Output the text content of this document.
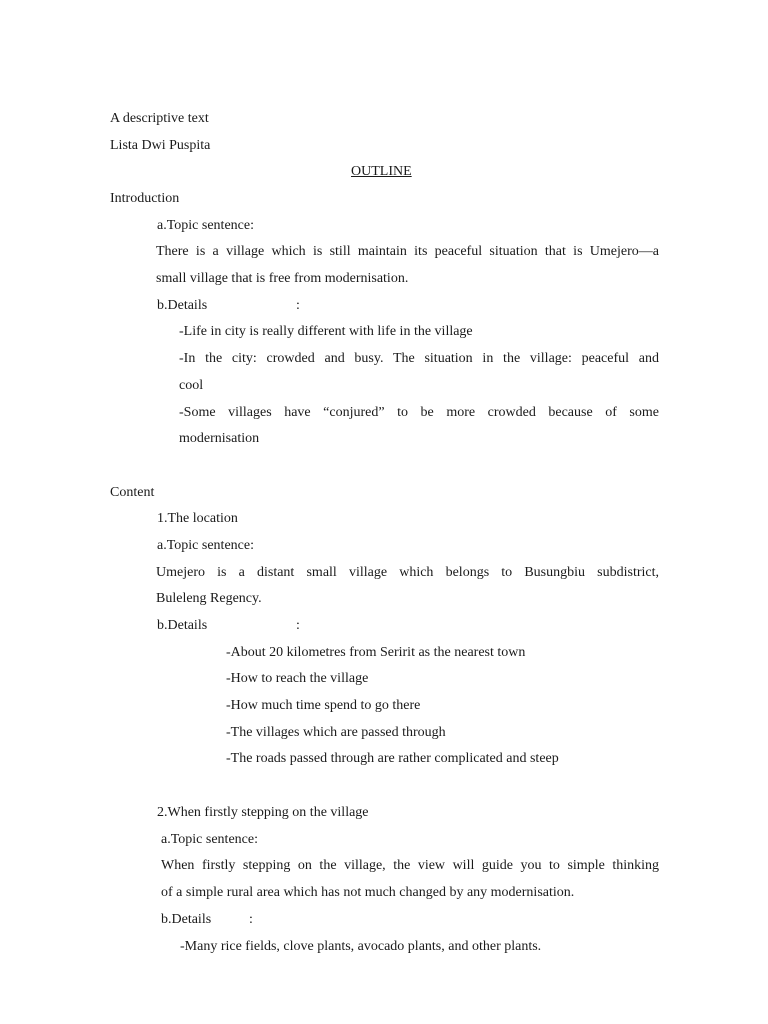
A descriptive text

Lista Dwi Puspita

OUTLINE

Introduction

a.Topic sentence:

There is a village which is still maintain its peaceful situation that is Umejero—a

small village that is free from modernisation.

b.Details	:

-Life in city is really different with life in the village

-In the city: crowded and busy. The situation in the village: peaceful and

cool

-Some villages have “conjured” to be more crowded because of some

modernisation

Content

1.The location

a.Topic sentence:

Umejero is a distant small village which belongs to Busungbiu subdistrict,

Buleleng Regency.

b.Details	:

-About 20 kilometres from Seririt as the nearest town

-How to reach the village

-How much time spend to go there

-The villages which are passed through

-The roads passed through are rather complicated and steep

2.When firstly stepping on the village

a.Topic sentence:

When firstly stepping on the village, the view will guide you to simple thinking

of a simple rural area which has not much changed by any modernisation.

b.Details	:

-Many rice fields, clove plants, avocado plants, and other plants.
